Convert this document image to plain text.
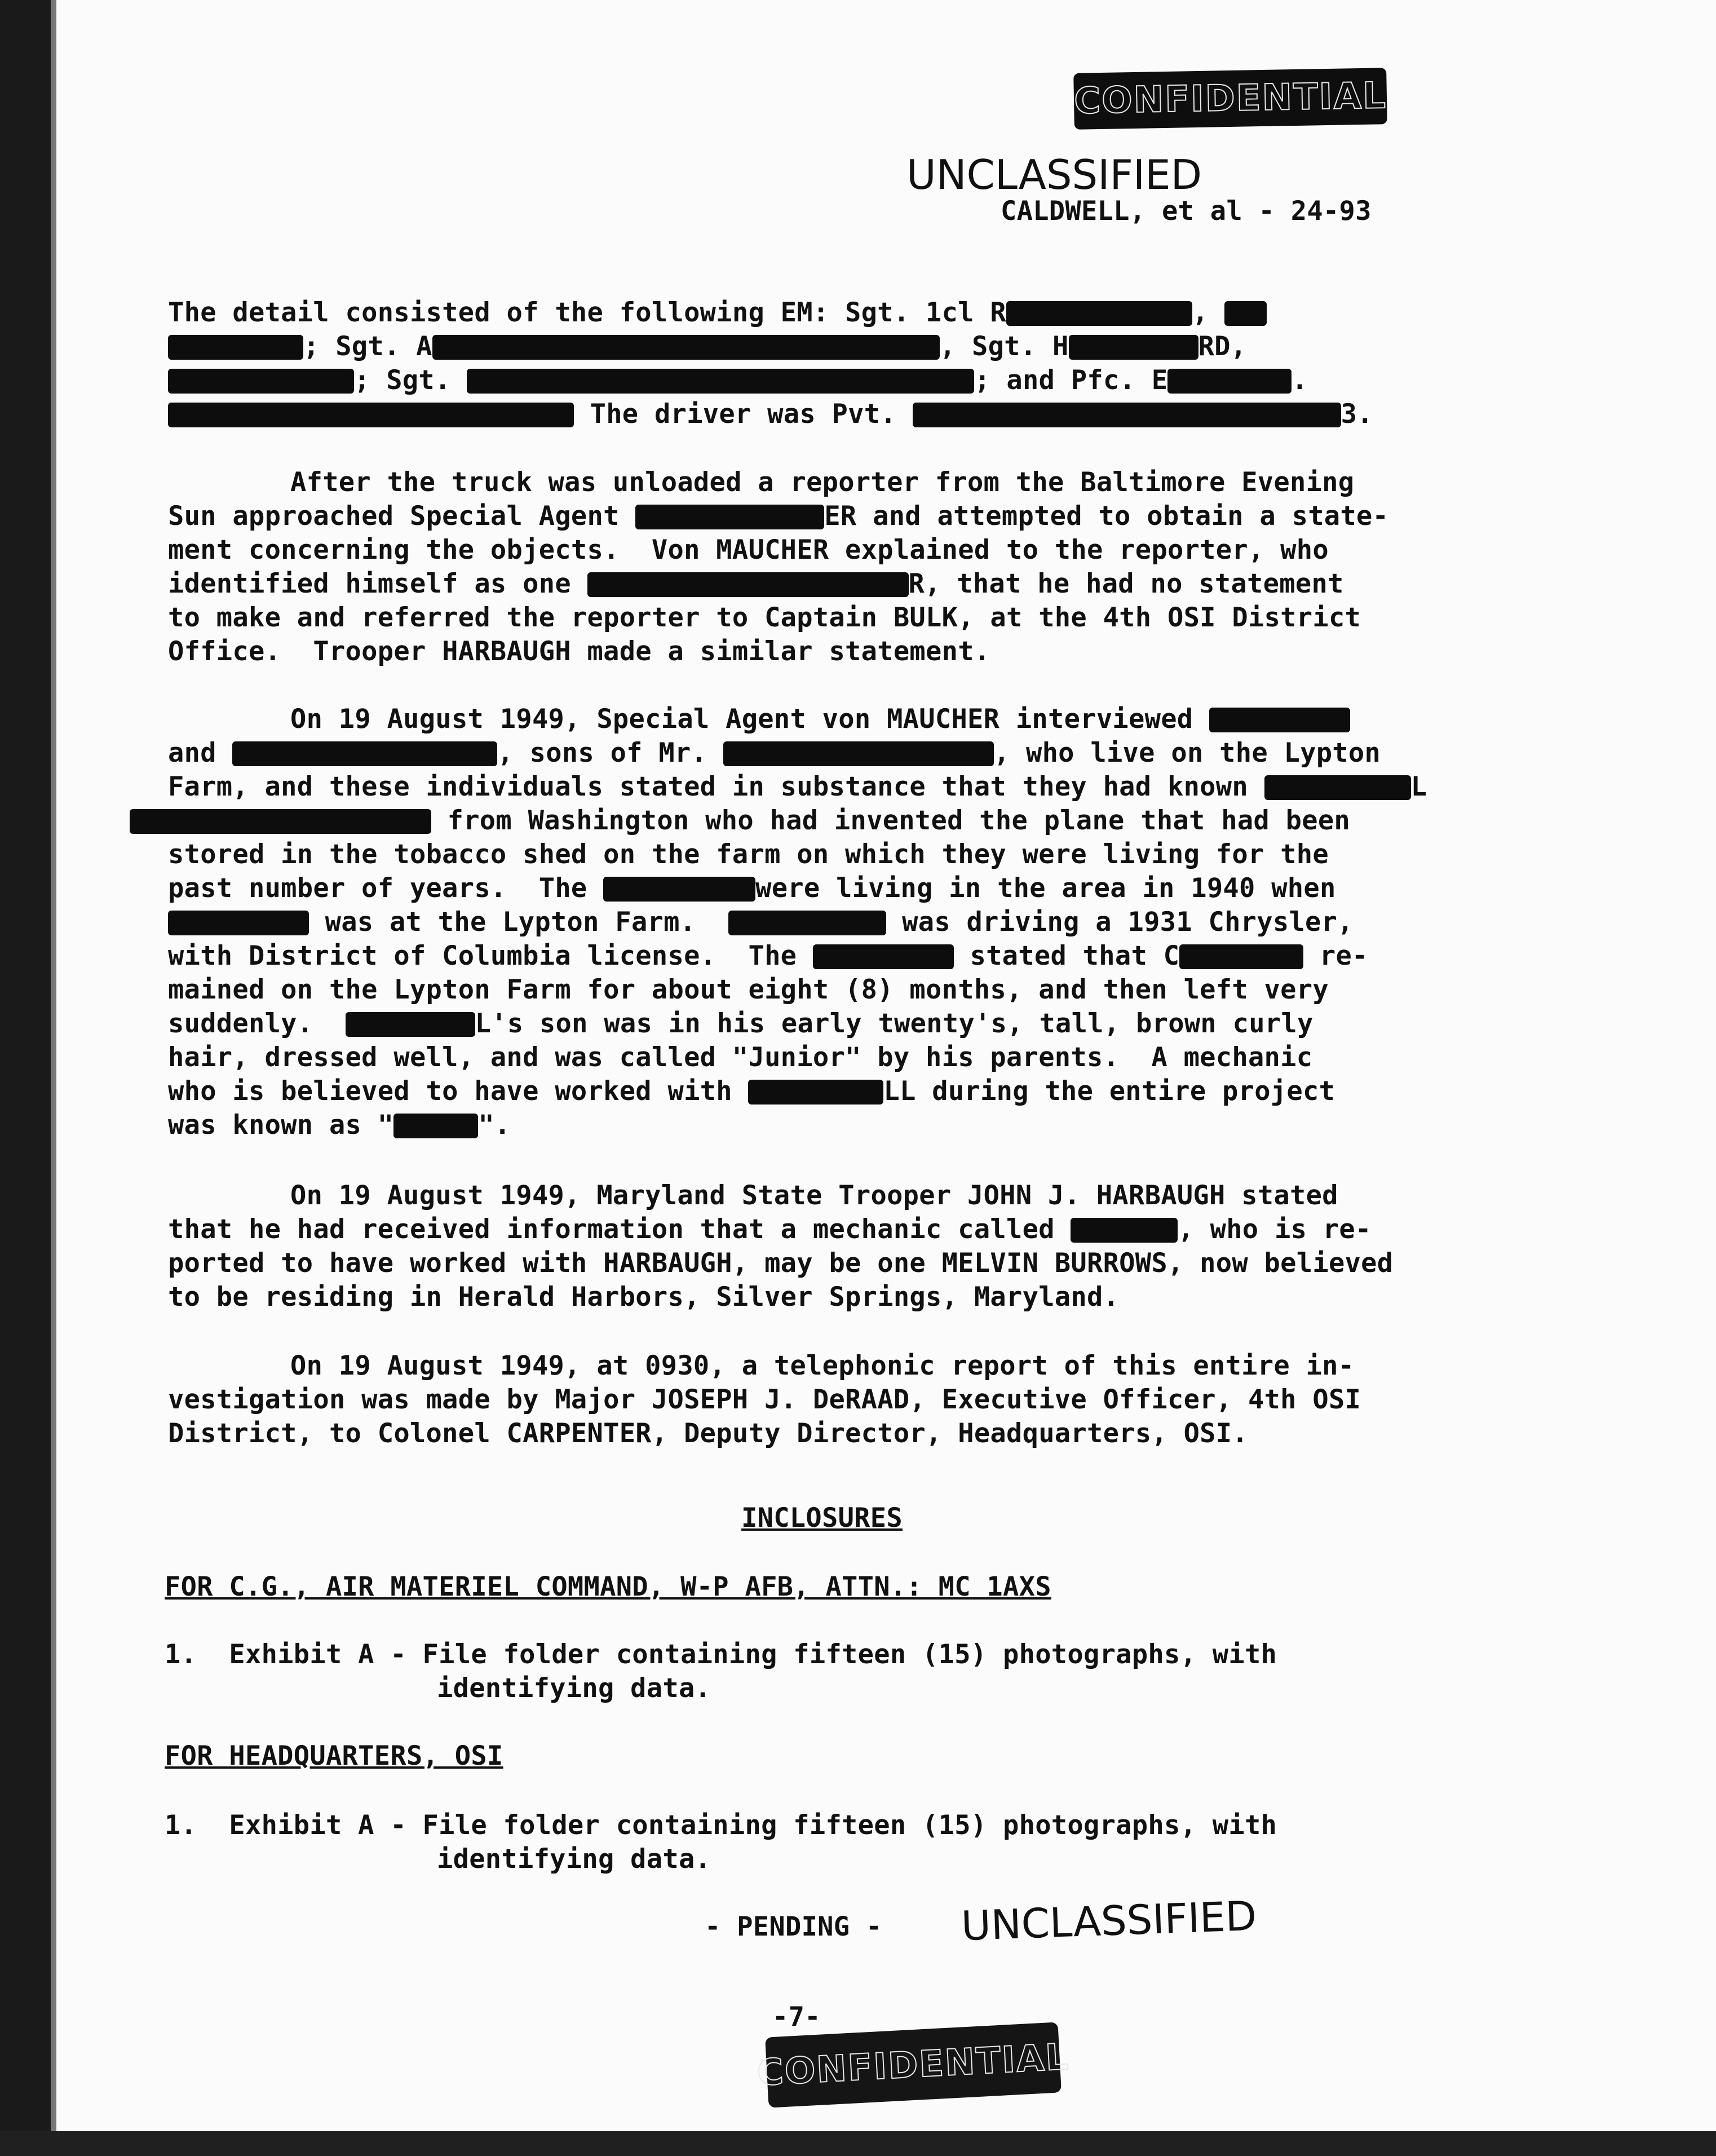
CONFIDENTIAL
UNCLASSIFIED
CALDWELL, et al - 24-93
The detail consisted of the following EM: Sgt. 1cl R	,
; Sgt. A	, Sgt. H	RD,
; Sgt.	; and Pfc. E	.
The driver was Pvt.	3.
After the truck was unloaded a reporter from the Baltimore Evening
Sun approached Special Agent	ER and attempted to obtain a state-
ment concerning the objects.  Von MAUCHER explained to the reporter, who
identified himself as one	R, that he had no statement
to make and referred the reporter to Captain BULK, at the 4th OSI District
Office.  Trooper HARBAUGH made a similar statement.
On 19 August 1949, Special Agent von MAUCHER interviewed
and	, sons of Mr.	, who live on the Lypton
Farm, and these individuals stated in substance that they had known	L
from Washington who had invented the plane that had been
stored in the tobacco shed on the farm on which they were living for the
past number of years.  The	were living in the area in 1940 when
was at the Lypton Farm.	was driving a 1931 Chrysler,
with District of Columbia license.  The	stated that C	re-
mained on the Lypton Farm for about eight (8) months, and then left very
suddenly.	L's son was in his early twenty's, tall, brown curly
hair, dressed well, and was called "Junior" by his parents.  A mechanic
who is believed to have worked with	LL during the entire project
was known as "	".
On 19 August 1949, Maryland State Trooper JOHN J. HARBAUGH stated
that he had received information that a mechanic called	, who is re-
ported to have worked with HARBAUGH, may be one MELVIN BURROWS, now believed
to be residing in Herald Harbors, Silver Springs, Maryland.
On 19 August 1949, at 0930, a telephonic report of this entire in-
vestigation was made by Major JOSEPH J. DeRAAD, Executive Officer, 4th OSI
District, to Colonel CARPENTER, Deputy Director, Headquarters, OSI.
INCLOSURES
FOR C.G., AIR MATERIEL COMMAND, W-P AFB, ATTN.: MC 1AXS
1.  Exhibit A - File folder containing fifteen (15) photographs, with
identifying data.
FOR HEADQUARTERS, OSI
1.  Exhibit A - File folder containing fifteen (15) photographs, with
identifying data.
- PENDING - UNCLASSIFIED
-7-
CONFIDENTIAL
